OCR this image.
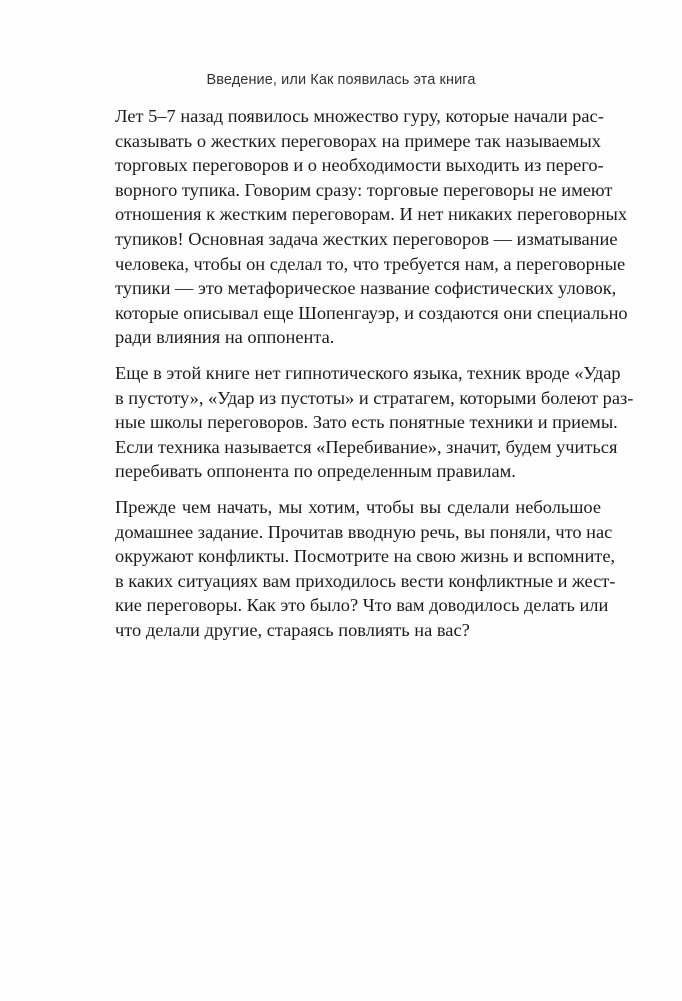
Введение, или Как появилась эта книга

Лет 5–7 назад появилось множество гуру, которые начали рас-
сказывать о жестких переговорах на примере так называемых
торговых переговоров и о необходимости выходить из перего-
ворного тупика. Говорим сразу: торговые переговоры не имеют
отношения к жестким переговорам. И нет никаких переговорных
тупиков! Основная задача жестких переговоров — изматывание
человека, чтобы он сделал то, что требуется нам, а переговорные
тупики — это метафорическое название софистических уловок,
которые описывал еще Шопенгауэр, и создаются они специально
ради влияния на оппонента.

Еще в этой книге нет гипнотического языка, техник вроде «Удар
в пустоту», «Удар из пустоты» и стратагем, которыми болеют раз-
ные школы переговоров. Зато есть понятные техники и приемы.
Если техника называется «Перебивание», значит, будем учиться
перебивать оппонента по определенным правилам.

Прежде чем начать, мы хотим, чтобы вы сделали небольшое
домашнее задание. Прочитав вводную речь, вы поняли, что нас
окружают конфликты. Посмотрите на свою жизнь и вспомните,
в каких ситуациях вам приходилось вести конфликтные и жест-
кие переговоры. Как это было? Что вам доводилось делать или
что делали другие, стараясь повлиять на вас?
